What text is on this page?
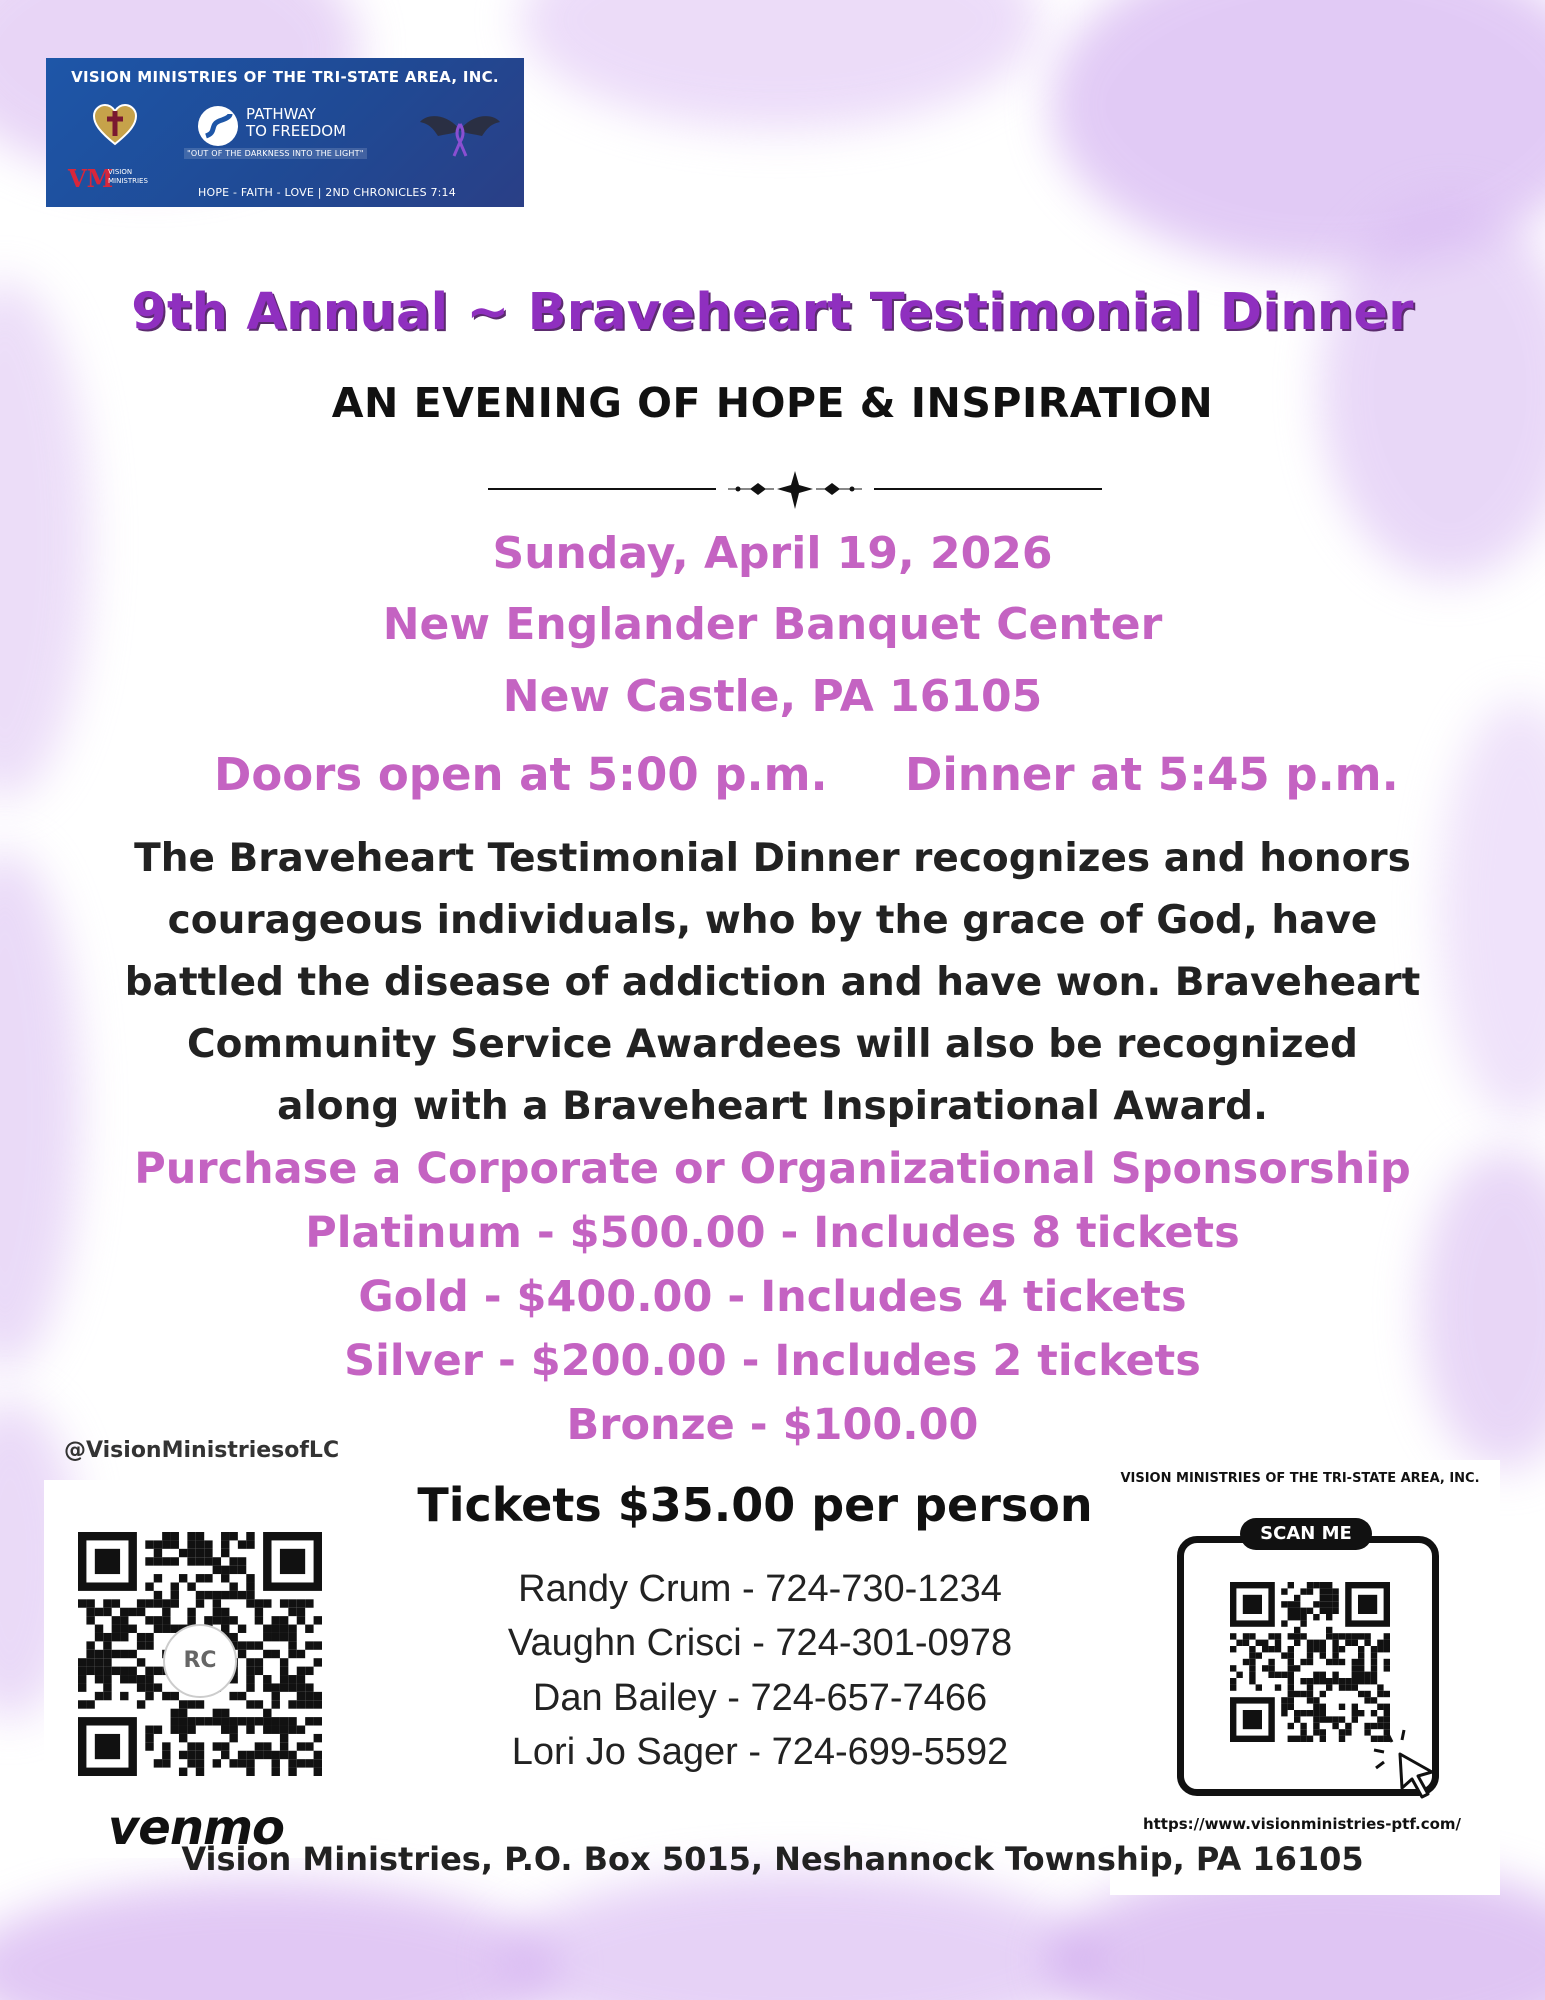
VISION MINISTRIES OF THE TRI-STATE AREA, INC.
PATHWAY
TO FREEDOM
"OUT OF THE DARKNESS INTO THE LIGHT"
VM
VISION
MINISTRIES
HOPE - FAITH - LOVE | 2ND CHRONICLES 7:14
9th Annual ~ Braveheart Testimonial Dinner
AN EVENING OF HOPE & INSPIRATION
Sunday, April 19, 2026
New Englander Banquet Center
New Castle, PA 16105
Doors open at 5:00 p.m. Dinner at 5:45 p.m.
The Braveheart Testimonial Dinner recognizes and honors
courageous individuals, who by the grace of God, have
battled the disease of addiction and have won. Braveheart
Community Service Awardees will also be recognized
along with a Braveheart Inspirational Award.
Purchase a Corporate or Organizational Sponsorship
Platinum - $500.00 - Includes 8 tickets
Gold - $400.00 - Includes 4 tickets
Silver - $200.00 - Includes 2 tickets
Bronze - $100.00
@VisionMinistriesofLC
RC
venmo
Tickets $35.00 per person
Randy Crum - 724-730-1234
Vaughn Crisci - 724-301-0978
Dan Bailey - 724-657-7466
Lori Jo Sager - 724-699-5592
VISION MINISTRIES OF THE TRI-STATE AREA, INC.
SCAN ME
https://www.visionministries-ptf.com/
Vision Ministries, P.O. Box 5015, Neshannock Township, PA 16105
